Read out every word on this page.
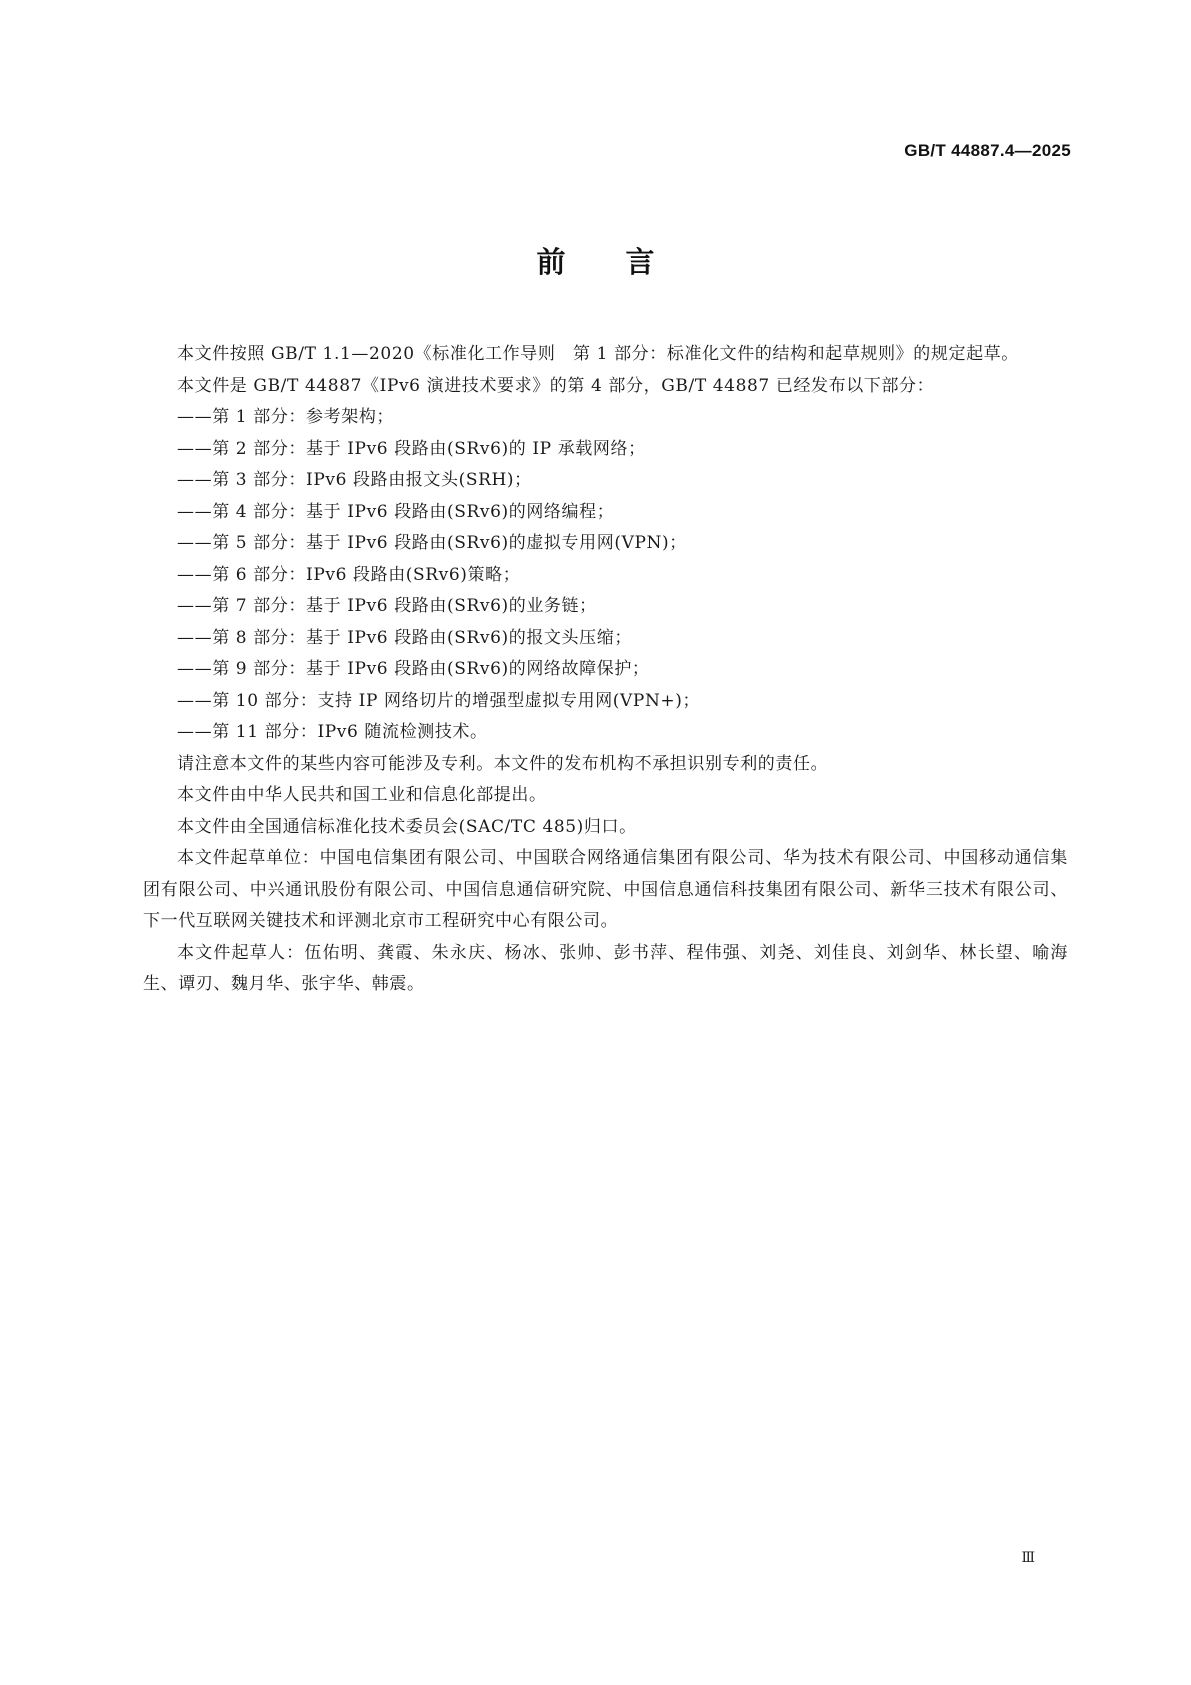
GB/T 44887.4—2025
前言

本文件按照 GB/T 1.1—2020《标准化工作导则　第 1 部分：标准化文件的结构和起草规则》的规定起草。

本文件是 GB/T 44887《IPv6 演进技术要求》的第 4 部分，GB/T 44887 已经发布以下部分：

——第 1 部分：参考架构；

——第 2 部分：基于 IPv6 段路由(SRv6)的 IP 承载网络；

——第 3 部分：IPv6 段路由报文头(SRH)；

——第 4 部分：基于 IPv6 段路由(SRv6)的网络编程；

——第 5 部分：基于 IPv6 段路由(SRv6)的虚拟专用网(VPN)；

——第 6 部分：IPv6 段路由(SRv6)策略；

——第 7 部分：基于 IPv6 段路由(SRv6)的业务链；

——第 8 部分：基于 IPv6 段路由(SRv6)的报文头压缩；

——第 9 部分：基于 IPv6 段路由(SRv6)的网络故障保护；

——第 10 部分：支持 IP 网络切片的增强型虚拟专用网(VPN+)；

——第 11 部分：IPv6 随流检测技术。

请注意本文件的某些内容可能涉及专利。本文件的发布机构不承担识别专利的责任。

本文件由中华人民共和国工业和信息化部提出。

本文件由全国通信标准化技术委员会(SAC/TC 485)归口。

本文件起草单位：中国电信集团有限公司、中国联合网络通信集团有限公司、华为技术有限公司、中国移动通信集团有限公司、中兴通讯股份有限公司、中国信息通信研究院、中国信息通信科技集团有限公司、新华三技术有限公司、下一代互联网关键技术和评测北京市工程研究中心有限公司。

本文件起草人：伍佑明、龚霞、朱永庆、杨冰、张帅、彭书萍、程伟强、刘尧、刘佳良、刘剑华、林长望、喻海生、谭刃、魏月华、张宇华、韩震。

Ⅲ
